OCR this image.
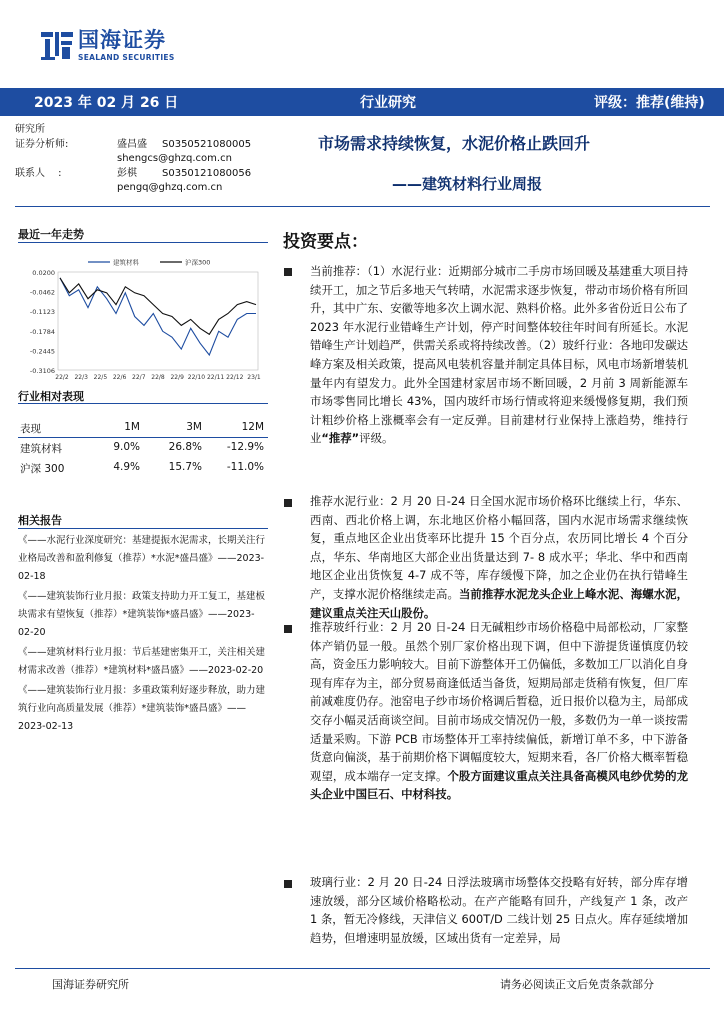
国海证券
SEALAND SECURITIES
2023 年 02 月 26 日	行业研究	评级：推荐(维持)
研究所
证券分析师:	盛昌盛 S0350521080005
shengcs@ghzq.com.cn
联系人　 :	彭棋	S0350121080056
pengq@ghzq.com.cn
市场需求持续恢复，水泥价格止跌回升
——建筑材料行业周报
最近一年走势
0.0200
-0.0462
-0.1123
-0.1784
-0.2445
-0.3106
22/2 22/3 22/5 22/6 22/7 22/8 22/9 22/10 22/11 22/12 23/1
建筑材料	沪深300
行业相对表现
表现	1M	3M	12M
建筑材料	9.0%	26.8% -12.9%
沪深 300	4.9%	15.7% -11.0%
相关报告

《——水泥行业深度研究：基建提振水泥需求，长期关注行业格局改善和盈利修复（推荐）*水泥*盛昌盛》——2023-02-18

《——建筑装饰行业月报：政策支持助力开工复工，基建板块需求有望恢复（推荐）*建筑装饰*盛昌盛》——2023-02-20

《——建筑材料行业月报：节后基建密集开工，关注相关建材需求改善（推荐）*建筑材料*盛昌盛》——2023-02-20

《——建筑装饰行业月报：多重政策利好逐步释放，助力建筑行业向高质量发展（推荐）*建筑装饰*盛昌盛》——2023-02-13

投资要点：
当前推荐：（1）水泥行业：近期部分城市二手房市场回暖及基建重大项目持续开工，加之节后多地天气转晴，水泥需求逐步恢复，带动市场价格有所回升，其中广东、安徽等地多次上调水泥、熟料价格。此外多省份近日公布了 2023 年水泥行业错峰生产计划，停产时间整体较往年时间有所延长。水泥错峰生产计划趋严，供需关系或将持续改善。（2）玻纤行业：各地印发碳达峰方案及相关政策，提高风电装机容量并制定具体目标，风电市场新增装机量年内有望发力。此外全国建材家居市场不断回暖，2 月前 3 周新能源车市场零售同比增长 43%，国内玻纤市场行情或将迎来缓慢修复期，我们预计粗纱价格上涨概率会有一定反弹。目前建材行业保持上涨趋势，维持行业“推荐”评级。
推荐水泥行业：2 月 20 日-24 日全国水泥市场价格环比继续上行，华东、西南、西北价格上调，东北地区价格小幅回落，国内水泥市场需求继续恢复，重点地区企业出货率环比提升 15 个百分点，农历同比增长 4 个百分点，华东、华南地区大部企业出货量达到 7- 8 成水平；华北、华中和西南地区企业出货恢复 4-7 成不等，库存缓慢下降，加之企业仍在执行错峰生产，支撑水泥价格继续走高。当前推荐水泥龙头企业上峰水泥、海螺水泥，建议重点关注天山股份。
推荐玻纤行业：2 月 20 日-24 日无碱粗纱市场价格稳中局部松动，厂家整体产销仍显一般。虽然个别厂家价格出现下调，但中下游提货谨慎度仍较高，资金压力影响较大。目前下游整体开工仍偏低，多数加工厂以消化自身现有库存为主，部分贸易商逢低适当备货，短期局部走货稍有恢复，但厂库前减难度仍存。池窑电子纱市场价格调后暂稳，近日报价以稳为主，局部成交存小幅灵活商谈空间。目前市场成交情况仍一般，多数仍为一单一谈按需适量采购。下游 PCB 市场整体开工率持续偏低，新增订单不多，中下游备货意向偏淡，基于前期价格下调幅度较大，短期来看，各厂价格大概率暂稳观望，成本端存一定支撑。个股方面建议重点关注具备高模风电纱优势的龙头企业中国巨石、中材科技。
玻璃行业：2 月 20 日-24 日浮法玻璃市场整体交投略有好转，部分库存增速放缓，部分区域价格略松动。在产产能略有回升，产线复产 1 条，改产 1 条，暂无冷修线，天津信义 600T/D 二线计划 25 日点火。库存延续增加趋势，但增速明显放缓，区域出货有一定差异，局
国海证券研究所	请务必阅读正文后免责条款部分
